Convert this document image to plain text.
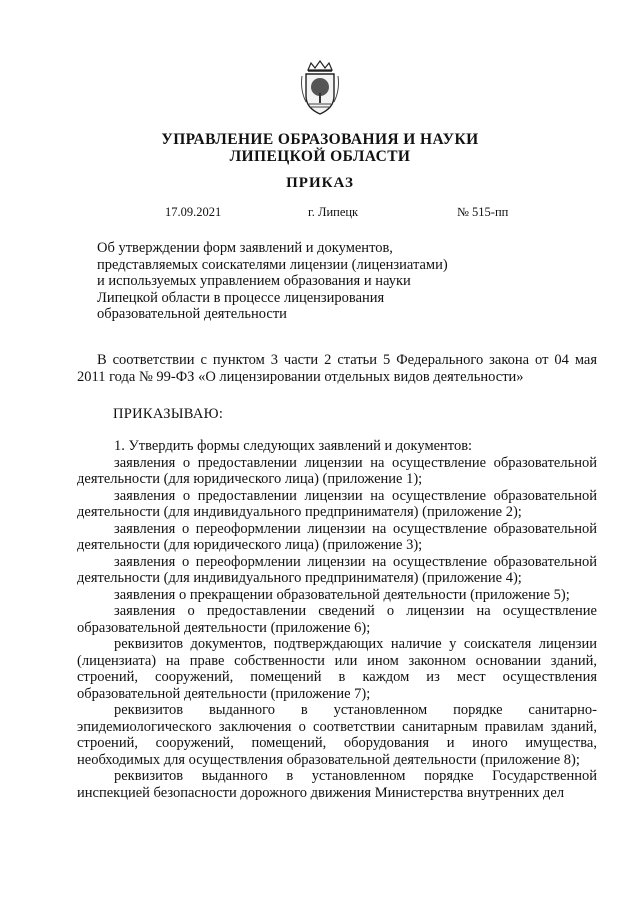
УПРАВЛЕНИЕ ОБРАЗОВАНИЯ И НАУКИ
ЛИПЕЦКОЙ ОБЛАСТИ
ПРИКАЗ
17.09.2021	г. Липецк	№ 515-пп
Об утверждении форм заявлений и документов,
представляемых соискателями лицензии (лицензиатами)
и используемых управлением образования и науки
Липецкой области в процессе лицензирования
образовательной деятельности
В соответствии с пунктом 3 части 2 статьи 5 Федерального закона от 04 мая 2011 года № 99-ФЗ «О лицензировании отдельных видов деятельности»
ПРИКАЗЫВАЮ:

1. Утвердить формы следующих заявлений и документов:

заявления о предоставлении лицензии на осуществление образовательной деятельности (для юридического лица) (приложение 1);

заявления о предоставлении лицензии на осуществление образовательной деятельности (для индивидуального предпринимателя) (приложение 2);

заявления о переоформлении лицензии на осуществление образовательной деятельности (для юридического лица) (приложение 3);

заявления о переоформлении лицензии на осуществление образовательной деятельности (для индивидуального предпринимателя) (приложение 4);

заявления о прекращении образовательной деятельности (приложение 5);

заявления о предоставлении сведений о лицензии на осуществление образовательной деятельности (приложение 6);

реквизитов документов, подтверждающих наличие у соискателя лицензии (лицензиата) на праве собственности или ином законном основании зданий, строений, сооружений, помещений в каждом из мест осуществления образовательной деятельности (приложение 7);

реквизитов выданного в установленном порядке санитарно-эпидемиологического заключения о соответствии санитарным правилам зданий, строений, сооружений, помещений, оборудования и иного имущества, необходимых для осуществления образовательной деятельности (приложение 8);

реквизитов выданного в установленном порядке Государственной инспекцией безопасности дорожного движения Министерства внутренних дел
